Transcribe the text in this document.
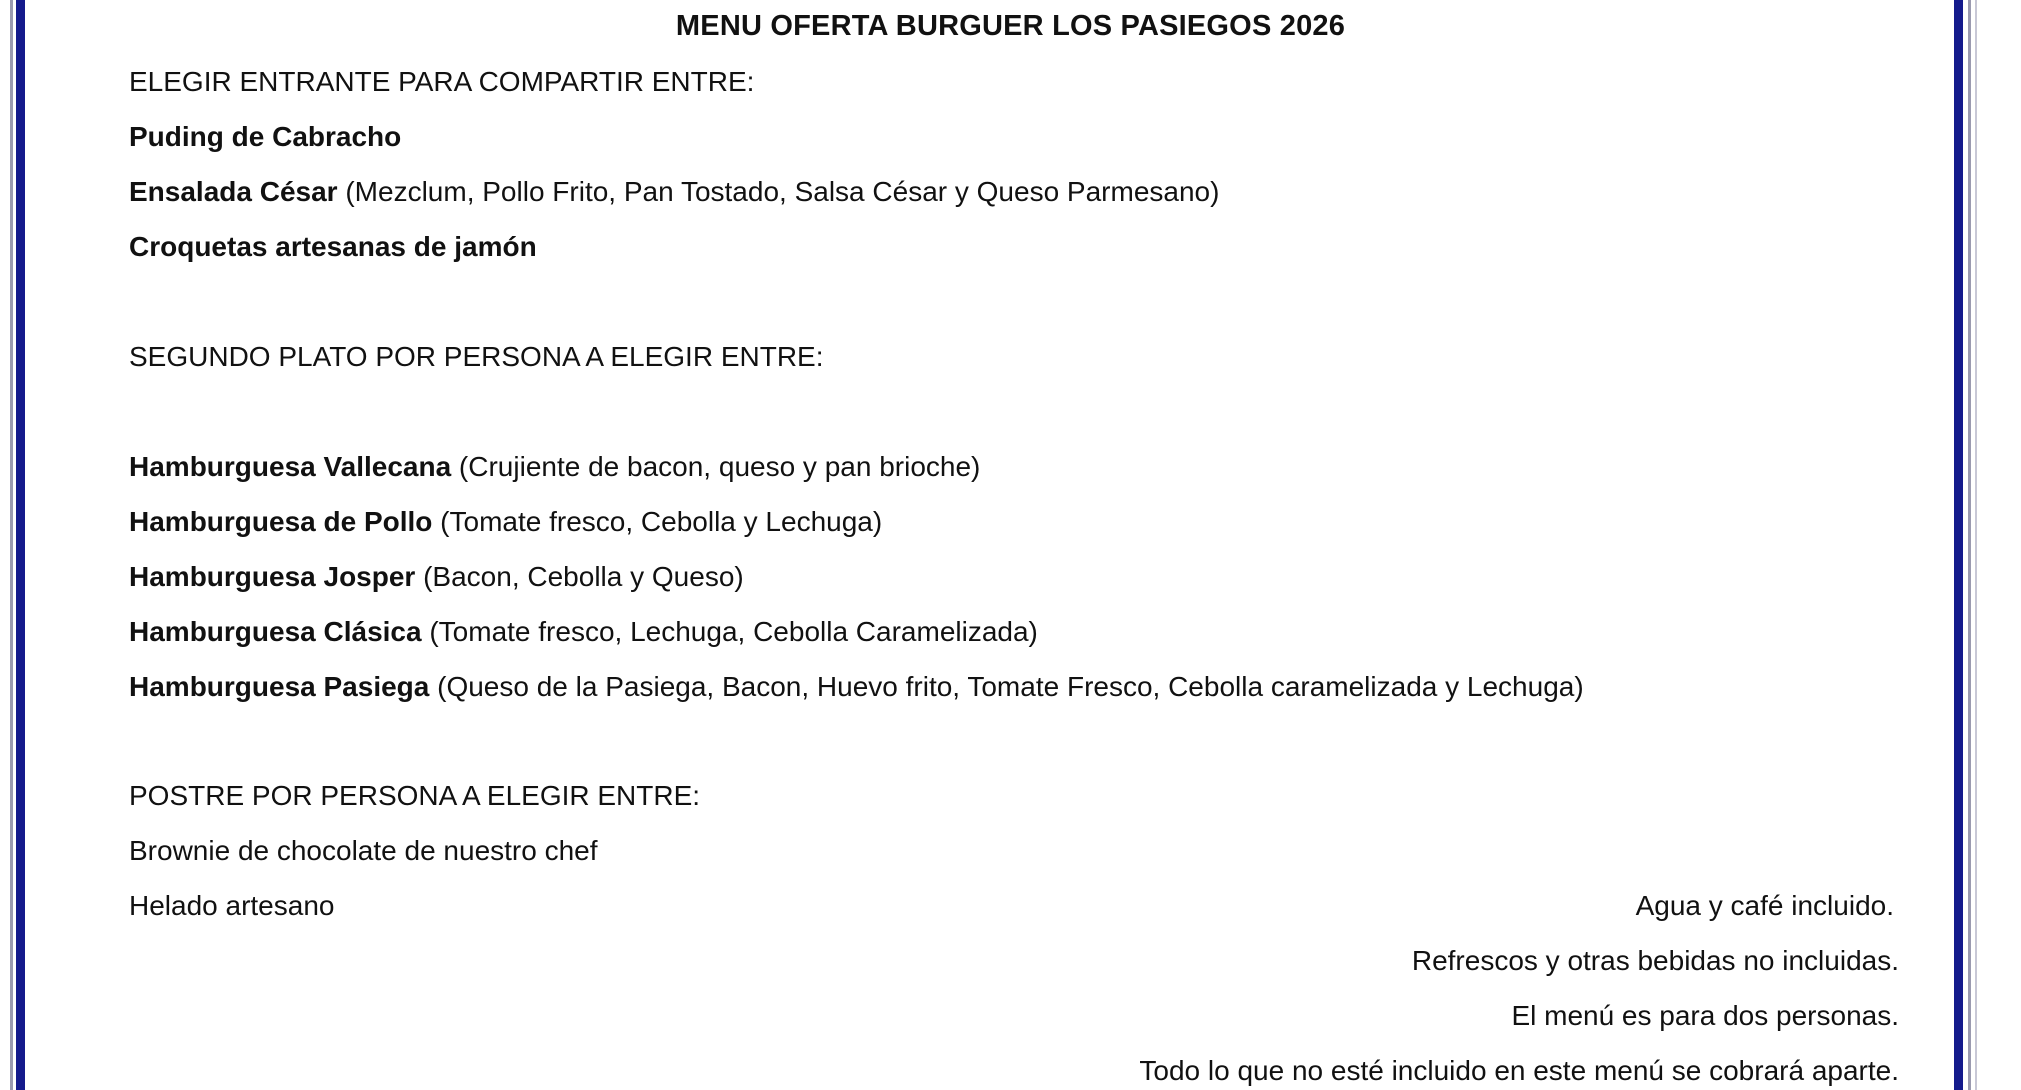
MENU OFERTA BURGUER LOS PASIEGOS 2026
ELEGIR ENTRANTE PARA COMPARTIR ENTRE:
Puding de Cabracho
Ensalada César (Mezclum, Pollo Frito, Pan Tostado, Salsa César y Queso Parmesano)
Croquetas artesanas de jamón
SEGUNDO PLATO POR PERSONA A ELEGIR ENTRE:
Hamburguesa Vallecana (Crujiente de bacon, queso y pan brioche)
Hamburguesa de Pollo (Tomate fresco, Cebolla y Lechuga)
Hamburguesa Josper (Bacon, Cebolla y Queso)
Hamburguesa Clásica (Tomate fresco, Lechuga, Cebolla Caramelizada)
Hamburguesa Pasiega (Queso de la Pasiega, Bacon, Huevo frito, Tomate Fresco, Cebolla caramelizada y Lechuga)
POSTRE POR PERSONA A ELEGIR ENTRE:
Brownie de chocolate de nuestro chef
Helado artesano	Agua y café incluido.
Refrescos y otras bebidas no incluidas.
El menú es para dos personas.
Todo lo que no esté incluido en este menú se cobrará aparte.
